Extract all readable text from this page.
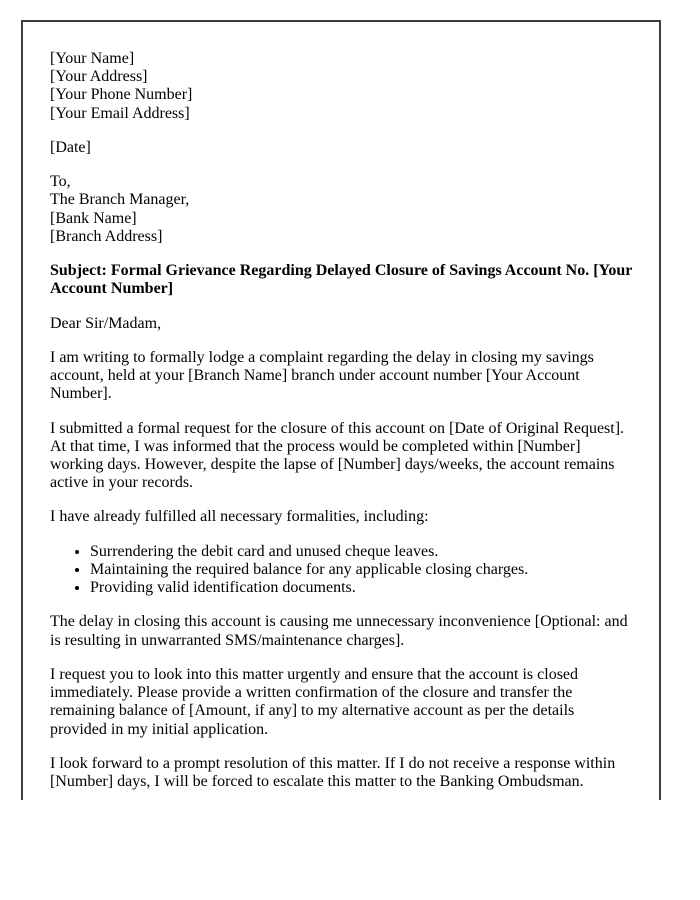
[Your Name]
[Your Address]
[Your Phone Number]
[Your Email Address]

[Date]

To,
The Branch Manager,
[Bank Name]
[Branch Address]

Subject: Formal Grievance Regarding Delayed Closure of Savings Account No. [Your Account Number]

Dear Sir/Madam,

I am writing to formally lodge a complaint regarding the delay in closing my savings account, held at your [Branch Name] branch under account number [Your Account Number].

I submitted a formal request for the closure of this account on [Date of Original Request]. At that time, I was informed that the process would be completed within [Number] working days. However, despite the lapse of [Number] days/weeks, the account remains active in your records.

I have already fulfilled all necessary formalities, including:

• Surrendering the debit card and unused cheque leaves.
• Maintaining the required balance for any applicable closing charges.
• Providing valid identification documents.

The delay in closing this account is causing me unnecessary inconvenience [Optional: and is resulting in unwarranted SMS/maintenance charges].

I request you to look into this matter urgently and ensure that the account is closed immediately. Please provide a written confirmation of the closure and transfer the remaining balance of [Amount, if any] to my alternative account as per the details provided in my initial application.

I look forward to a prompt resolution of this matter. If I do not receive a response within [Number] days, I will be forced to escalate this matter to the Banking Ombudsman.
